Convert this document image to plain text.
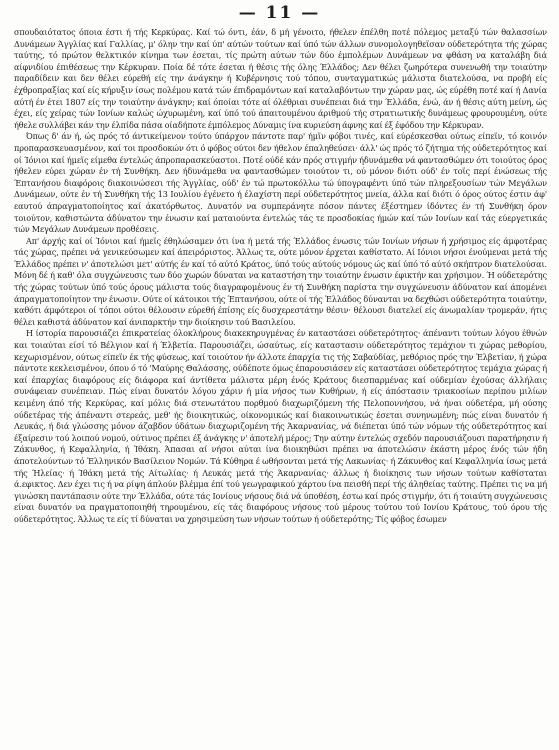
— 11 —

σπουδαιότατος όποια έστι ή τής Κερκύρας. Καί τώ όντι, έάν, δ μή γένοιτο, ήθελεν έπέλθη ποτέ πόλεμος μεταξύ τών θαλασσίων Δυνάμεων Άγγλίας καί Γαλλίας, μ' όλην την καί ύπ' αύτών τούτων καί ύπό τών άλλων συνομολογηθεϊσαν ούδετερότητα τής χώρας ταύτης, τό πρώτον θελκτικόν κίνημα των έσεται, τίς πρώτη αύτων τών δύο έμπολέμων Δυνάμεων να φθάση να καταλάβη διά αίφνιδίου έπιθέσεως την Κέρκυραν. Ποία δέ τότε έσεται ή θέσις τής όλης Έλλάδος; Δεν θέλει ζωηρότερα συνενωθή την τοιαύτην παραδίδειν και δεν θέλει εύρεθή είς την άνάγκην ή Κυβέρνησις τού τόπου, συνταγματικώς μάλιστα διατελούσα, να προβή είς έχθροπραξίας καί είς κήρυξιν ίσως πολέμου κατά τών έπιδραμόντων καί καταλαβόντων την χώραν μας, ώς εύρέθη ποτέ καί ή Δανία αύτή έν έτει 1807 είς την τοιαύτην άνάγκην; καί όποίαι τότε αί όλέθριαι συνέπειαι διά την Έλλάδα, ένώ, άν ή θέσις αύτη μείνη, ώς έχει, είς χείρας τών Ιονίων καλώς ώχυρωμένη, καί ύπό τού άπαιτουμένου άριθμού τής στρατιωτικής δυνάμεως φρουρουμένη, ούτε ήθελε συλλάβει κάν την έλπίδα πάσα οίαδήποτε έμπόλεμος Δύναμις ίνα κυριεύση άφνης καί έξ έφόδου την Κέρκυραν.

Όπως δ' άν ή, ώς πρός τό άντικείμενον τούτο ύπάρχον πάντοτε παρ' ήμϊν φόβοι τινές, καί εύρέσκεσθαι ούτως είπεϊν, τό κοινόν προπαρασκευασμένον, καί τοι προσδοκών ότι ό φόβος ούτοι δεν ήθελον έπαληθεύσει· άλλ' ώς πρός τό ζήτημα τής ούδετερότητος καί οί Ίόνιοι καί ήμεϊς είμεθα έντελώς άπροπαρασκεύαστοι. Ποτέ ούδέ κάν πρός στιγμήν ήδυνάμεθα νά φαντασθώμεν ότι τοιούτος όρος ήθελεν εύρει χώραν έν τή Συνθήκη. Δεν ήδυνάμεθα να φαντασθώμεν τοιούτον τι, ού μόνον διότι ούδ' έν τοϊς περί ένώσεως τής Έπτανήσου διαφόροις διακοινώσεσι τής Άγγλίας, ούδ' έν τώ πρωτοκόλλω τώ ύπογραφέντι ύπό τών πληρεξουσίων τών Μεγάλων Δυνάμεων, ούτε έν τή Συνθήκη τής 13 Ιουλίου έγένετο ή έλαχίστη περί ούδετερότητος μνεία, άλλα καί διότι ό όρος ούτος έστιν άφ' εαυτού άπραγματοποίητος καί άκατόρθωτος. Δυνατόν να συμπεράνητε πόσον πάντες έξέστημεν ίδόντες έν τή Συνθήκη όρον τοιούτον, καθιστώντα άδύνατον την ένωσιν καί ματαιούντα έντελώς τάς τε προσδοκίας ήμών καί τών Ιονίων καί τάς εύεργετικάς τών Μεγάλων Δυνάμεων προθέσεις.

Απ' άρχής καί οί Ίόνιοι καί ήμεϊς έθηλώσαμεν ότι ίνα ή μετά τής Έλλάδος ένωσις τών Ιονίων νήσων ή χρήσιμος είς άμφοτέρας τάς χώρας, πρέπει νά γενικεύσωμεν καί άπειρόριστος. Άλλως τε, ούτε μόνον έρχεται καθίστατο. Αί Ιόνιοι νήσοι ένούμεναι μετά τής Έλλάδος πρέπει ν' άποτελώσι μετ' αύτής έν καί τό αύτό Κράτος, ύπό τούς αύτούς νόμους ώς καί ύπό τό αύτό σκήπτρον διατελούσαι. Μόνη δέ ή καθ' όλα συγχώνευσις των δύο χωρών δύναται να καταστήση την τοιαύτην ένωσιν έφικτήν και χρήσιμον. Ή ούδετερότης τής χώρας τούτων ύπό τούς όρους μάλιστα τούς διαγραφομένους έν τή Συνθήκη παρίστα την συγχώνευσιν άδύνατον καί άπομένει άπραγματοποίητον την ένωσιν. Ούτε οί κάτοικοι τής Έπτανήσου, ούτε οί τής Έλλάδος δύνανται να δεχθώσι ούδετερότητα τοιαύτην, καθότι άμφότεροι οί τόποι ούτοι θέλουσιν εύρεθή έπίσης είς δυσχερεστάτην θέσιν· θέλουσι διατελεί είς άνωμαλίαν τρομεράν, ήτις θέλει καθιστά άδύνατον καί άνιπαρκτήν την διοίκησιν τού Βασιλείου.

Η ίστορία παρουσιάζει έπικρατείας όλοκλήρους διακεκηρυγμένας έν καταστάσει ούδετερότητος· άπέναντι τούτων λόγου έθνών και τοιαύται είσί τό Βέλγιον καί ή Έλβετία. Παρουσιάζει, ώσαύτως, είς καταστασιν ούδετερότητος τεμάχιον τι χώρας μεθορίου, κεχωρισμένον, ούτως είπεϊν έκ τής φύσεως, καί τοιούτον ήν άλλοτε έπαρχία τις τής Σαβαύδίας, μεθόριος πρός την Έλβετίαν, ή χώρα πάντοτε κεκλεισμένον, όπου ό τό 'Μαύρης Θαλάσσης, ούδέποτε όμως έπαρουσιάσεν είς καταστάσει ούδετερότητος τεμάχια χώρας ή καί έπαρχίας διαφόρους είς διάφορα καί άντίθετα μάλιστα μέρη ένός Κράτους διεσπαρμένας καί ούδεμίαν έχούσας άλλήλαις συνάφειαν συνέπειαν. Πώς είναι δυνατόν λόγου χάριν ή μία νήσος των Κυθήρων, ή είς άπόστασιν τριακοσίων περίπου μιλίων κειμένη άπό τής Κερκύρας, καί μόλις διά στενωτάτου πορθμού διαχωριζόμενη τής Πελοποννήσου, νά ήναι ούδετέρα, μή ούσης ούδετέρας τής άπέναντι στερεάς, μεθ' ής διοικητικώς, οίκονομικώς καί διακοινωτικώς έσεται συνηνωμένη; πώς είναι δυνατόν ή Λευκάς, ή διά γλώσσης μόνον άζαβδον ύδάτων διαχωριζομένη τής Άκαρνανίας, νά διέπεται ύπό τών νόμων τής ούδετερότητος καί έξαίρεσιν τού λοιπού νομού, ούτινος πρέπει έξ άνάγκης ν' άποτελή μέρος; Την αύτην έντελώς σχεδόν παρουσιάζουσι παρατήρησιν ή Ζάκυνθος, ή Κεφαλληνία, ή Ίθάκη. Άπασαι αί νήσοι αύται ίνα διοικηθώσι πρέπει να άποτελώσιν έκάστη μέρος ένός τών ήδη άποτελούντων τό Έλληνικόν Βασίλειον Νομών. Τά Κύθηρα έ ωθήσονται μετά τής Λακωνίας· ή Ζάκυνθος καί Κεφαλληνία ίσως μετά τής Ήλείας· ή Ίθάκη μετά τής Αίτωλίας· ή Λευκάς μετά τής Άκαρνανίας· άλλως ή διοίκησις των νήσων τούτων καθίσταται ά.εφικτος. Δεν έχει τις ή να ρίψη άπλούν βλέμμα έπί τού γεωγραφικού χάρτου ίνα πεισθή περί τής άληθείας ταύτης. Πρέπει τις να μή γινώσκη παντάπασιν ούτε την Έλλάδα, ούτε τάς Ιονίους νήσους διά νά ύποθέση, έστω καί πρός στιγμήν, ότι ή τοιαύτη συγχώνευσις είναι δυνατόν να πραγματοποιηθή τηρουμένου, είς τάς διαφόρους νήσους τού μέρους τούτου τού Ιονίου Κράτους, τού όρου τής ούδετερότητος. Άλλως τε είς τί δύναται να χρησιμεύση των νήσων τούτων ή ούδετερότης; Τίς φόβος έσωμεν
